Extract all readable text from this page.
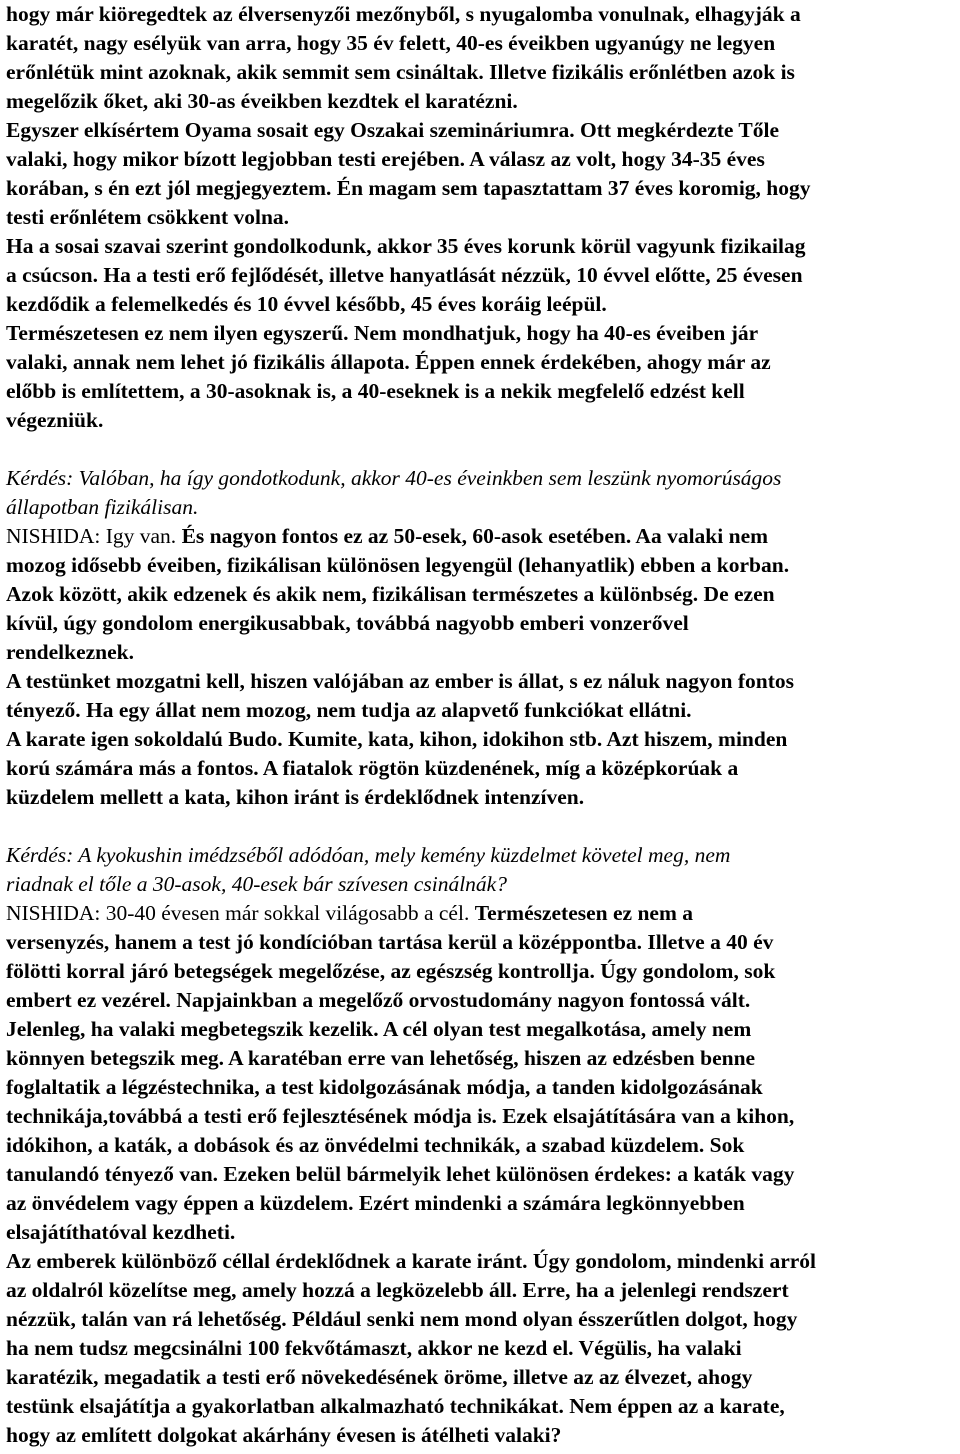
hogy már kiöregedtek az élversenyzői mezőnyből, s nyugalomba vonulnak, elhagyják a
karatét, nagy esélyük van arra, hogy 35 év felett, 40-es éveikben ugyanúgy ne legyen
erőnlétük mint azoknak, akik semmit sem csináltak. Illetve fizikális erőnlétben azok is
megelőzik őket, aki 30-as éveikben kezdtek el karatézni.
Egyszer elkísértem Oyama sosait egy Oszakai szemináriumra. Ott megkérdezte Tőle
valaki, hogy mikor bízott legjobban testi erejében. A válasz az volt, hogy 34-35 éves
korában, s én ezt jól megjegyeztem. Én magam sem tapasztattam 37 éves koromig, hogy
testi erőnlétem csökkent volna.
Ha a sosai szavai szerint gondolkodunk, akkor 35 éves korunk körül vagyunk fizikailag
a csúcson. Ha a testi erő fejlődését, illetve hanyatlását nézzük, 10 évvel előtte, 25 évesen
kezdődik a felemelkedés és 10 évvel később, 45 éves koráig leépül.
Természetesen ez nem ilyen egyszerű. Nem mondhatjuk, hogy ha 40-es éveiben jár
valaki, annak nem lehet jó fizikális állapota. Éppen ennek érdekében, ahogy már az
előbb is említettem, a 30-asoknak is, a 40-eseknek is a nekik megfelelő edzést kell
végezniük.
Kérdés: Valóban, ha így gondotkodunk, akkor 40-es éveinkben sem leszünk nyomorúságos
állapotban fizikálisan.
NISHIDA: Igy van. És nagyon fontos ez az 50-esek, 60-asok esetében. Aa valaki nem
mozog idősebb éveiben, fizikálisan különösen legyengül (lehanyatlik) ebben a korban.
Azok között, akik edzenek és akik nem, fizikálisan természetes a különbség. De ezen
kívül, úgy gondolom energikusabbak, továbbá nagyobb emberi vonzerővel
rendelkeznek.
A testünket mozgatni kell, hiszen valójában az ember is állat, s ez náluk nagyon fontos
tényező. Ha egy állat nem mozog, nem tudja az alapvető funkciókat ellátni.
A karate igen sokoldalú Budo. Kumite, kata, kihon, idokihon stb. Azt hiszem, minden
korú számára más a fontos. A fiatalok rögtön küzdenének, míg a középkorúak a
küzdelem mellett a kata, kihon iránt is érdeklődnek intenzíven.
Kérdés: A kyokushin imédzséből adódóan, mely kemény küzdelmet követel meg, nem
riadnak el tőle a 30-asok, 40-esek bár szívesen csinálnák?
NISHIDA: 30-40 évesen már sokkal világosabb a cél. Természetesen ez nem a
versenyzés, hanem a test jó kondícióban tartása kerül a középpontba. Illetve a 40 év
fölötti korral járó betegségek megelőzése, az egészség kontrollja. Úgy gondolom, sok
embert ez vezérel. Napjainkban a megelőző orvostudomány nagyon fontossá vált.
Jelenleg, ha valaki megbetegszik kezelik. A cél olyan test megalkotása, amely nem
könnyen betegszik meg. A karatéban erre van lehetőség, hiszen az edzésben benne
foglaltatik a légzéstechnika, a test kidolgozásának módja, a tanden kidolgozásának
technikája,továbbá a testi erő fejlesztésének módja is. Ezek elsajátítására van a kihon,
idókihon, a katák, a dobások és az önvédelmi technikák, a szabad küzdelem. Sok
tanulandó tényező van. Ezeken belül bármelyik lehet különösen érdekes: a katák vagy
az önvédelem vagy éppen a küzdelem. Ezért mindenki a számára legkönnyebben
elsajátíthatóval kezdheti.
Az emberek különböző céllal érdeklődnek a karate iránt. Úgy gondolom, mindenki arról
az oldalról közelítse meg, amely hozzá a legközelebb áll. Erre, ha a jelenlegi rendszert
nézzük, talán van rá lehetőség. Például senki nem mond olyan ésszerűtlen dolgot, hogy
ha nem tudsz megcsinálni 100 fekvőtámaszt, akkor ne kezd el. Végülis, ha valaki
karatézik, megadatik a testi erő növekedésének öröme, illetve az az élvezet, ahogy
testünk elsajátítja a gyakorlatban alkalmazható technikákat. Nem éppen az a karate,
hogy az említett dolgokat akárhány évesen is átélheti valaki?
